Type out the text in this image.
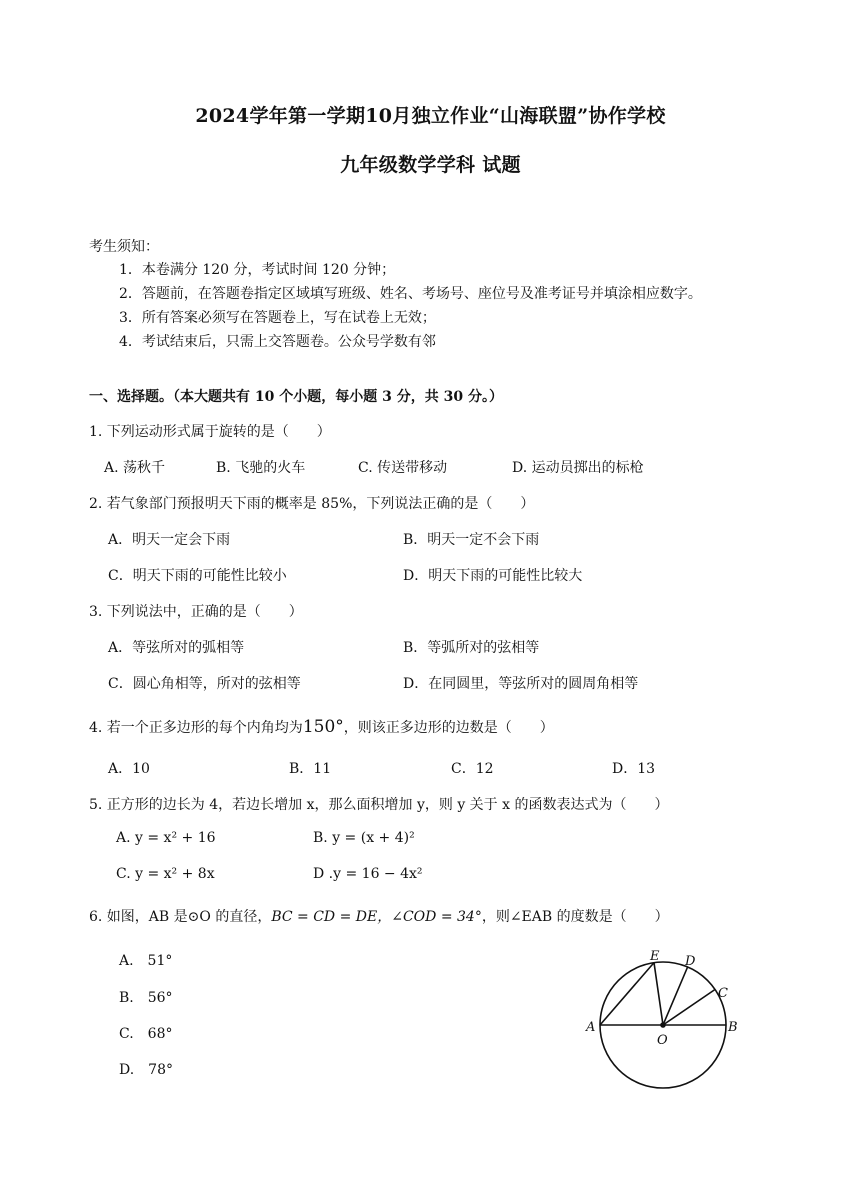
2024学年第一学期10月独立作业“山海联盟”协作学校
九年级数学学科 试题
考生须知：
1．本卷满分 120 分，考试时间 120 分钟；
2．答题前，在答题卷指定区域填写班级、姓名、考场号、座位号及准考证号并填涂相应数字。
3．所有答案必须写在答题卷上，写在试卷上无效；
4．考试结束后，只需上交答题卷。公众号学数有邻
一、选择题。（本大题共有 10 个小题，每小题 3 分，共 30 分。）
1. 下列运动形式属于旋转的是（　　）
A. 荡秋千	B. 飞驰的火车	C. 传送带移动	D. 运动员掷出的标枪
2. 若气象部门预报明天下雨的概率是 85%，下列说法正确的是（　　）
A．明天一定会下雨	B．明天一定不会下雨
C．明天下雨的可能性比较小	D．明天下雨的可能性比较大
3. 下列说法中，正确的是（　　）
A．等弦所对的弧相等	B．等弧所对的弦相等
C．圆心角相等，所对的弦相等	D．在同圆里，等弦所对的圆周角相等
4. 若一个正多边形的每个内角均为150°，则该正多边形的边数是（　　）
A．10	B．11	C．12	D．13
5. 正方形的边长为 4，若边长增加 x，那么面积增加 y，则 y 关于 x 的函数表达式为（　　）
A. y = x² + 16	B. y = (x + 4)²
C. y = x² + 8x	D .y = 16 − 4x²
6. 如图，AB 是⊙O 的直径，BC = CD = DE，∠COD = 34°，则∠EAB 的度数是（　　）
A.　51°
B.　56°
C.　68°
D.　78°
A	B
C
D
E
O
